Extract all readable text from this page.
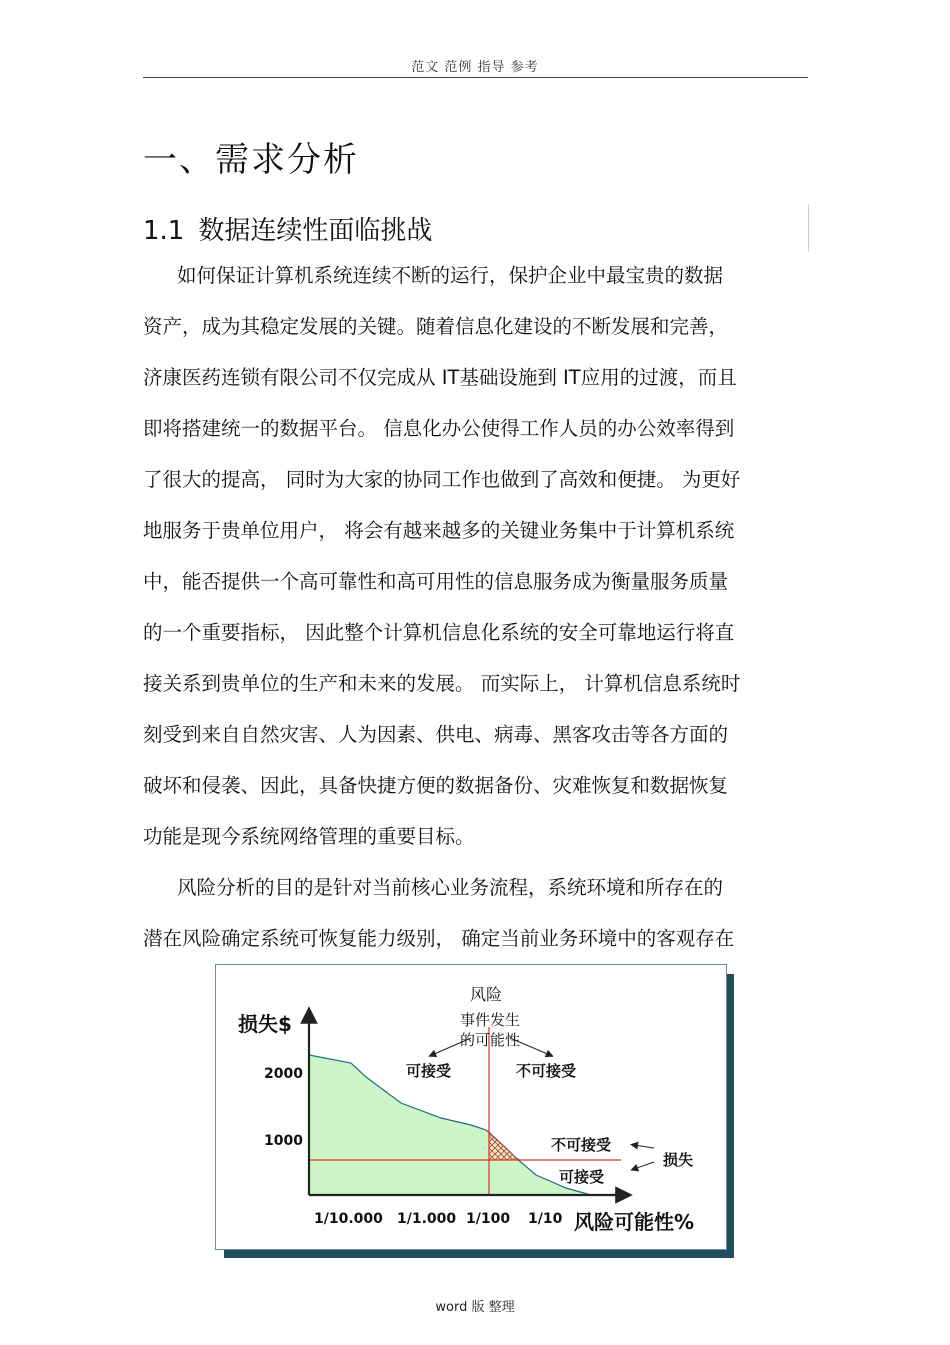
范文 范例 指导 参考
一、需求分析
1.1 数据连续性面临挑战
如何保证计算机系统连续不断的运行，保护企业中最宝贵的数据
资产，成为其稳定发展的关键。随着信息化建设的不断发展和完善，
济康医药连锁有限公司不仅完成从 IT基础设施到 IT应用的过渡，而且
即将搭建统一的数据平台。 信息化办公使得工作人员的办公效率得到
了很大的提高， 同时为大家的协同工作也做到了高效和便捷。 为更好
地服务于贵单位用户， 将会有越来越多的关键业务集中于计算机系统
中，能否提供一个高可靠性和高可用性的信息服务成为衡量服务质量
的一个重要指标， 因此整个计算机信息化系统的安全可靠地运行将直
接关系到贵单位的生产和未来的发展。 而实际上， 计算机信息系统时
刻受到来自自然灾害、人为因素、供电、病毒、黑客攻击等各方面的
破坏和侵袭、因此，具备快捷方便的数据备份、灾难恢复和数据恢复
功能是现今系统网络管理的重要目标。
风险分析的目的是针对当前核心业务流程，系统环境和所存在的
潜在风险确定系统可恢复能力级别， 确定当前业务环境中的客观存在
风险
事件发生
的可能性
损失$
可接受	不可接受
2000
1000	不可接受
损失
可接受
1/10.000 1/1.000 1/100 1/10 风险可能性%
word 版 整理
